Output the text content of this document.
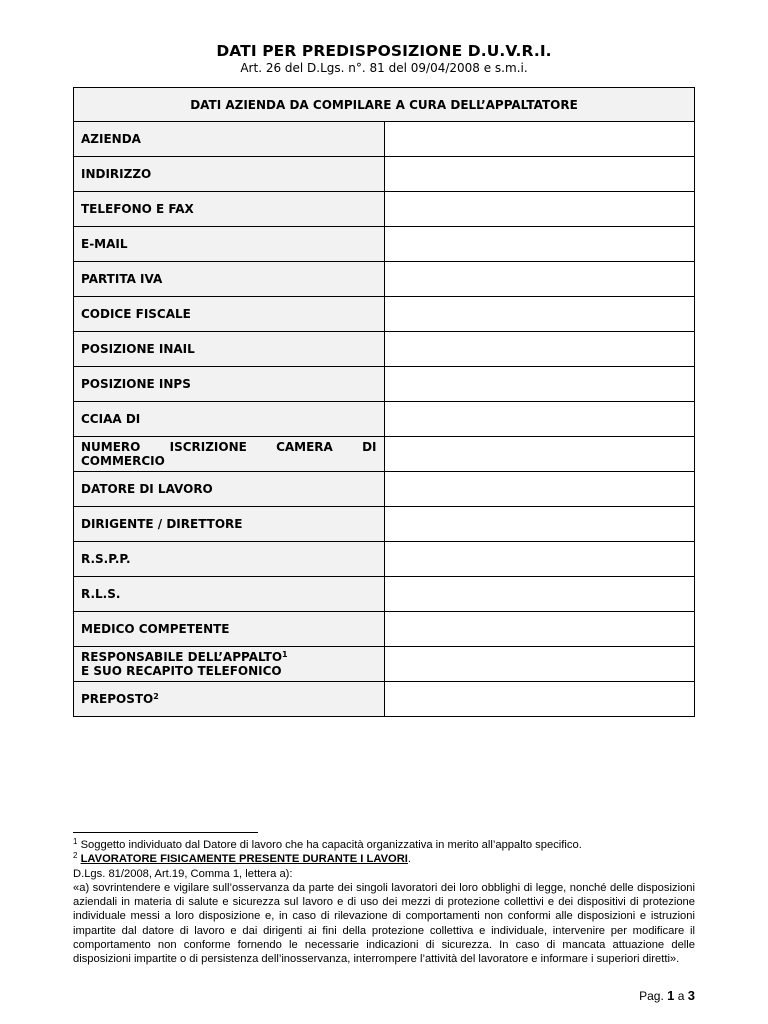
DATI PER PREDISPOSIZIONE D.U.V.R.I.
Art. 26 del D.Lgs. n°. 81 del 09/04/2008 e s.m.i.
DATI AZIENDA DA COMPILARE A CURA DELL’APPALTATORE	
AZIENDA	
INDIRIZZO	
TELEFONO E FAX	
E-MAIL	
PARTITA IVA	
CODICE FISCALE	
POSIZIONE INAIL	
POSIZIONE INPS	
CCIAA DI	
NUMERO ISCRIZIONE CAMERA DI COMMERCIO	
DATORE DI LAVORO	
DIRIGENTE / DIRETTORE	
R.S.P.P.	
R.L.S.	
MEDICO COMPETENTE	
RESPONSABILE DELL’APPALTO$^1$
E SUO RECAPITO TELEFONICO	
PREPOSTO$^2$	

$^1$ Soggetto individuato dal Datore di lavoro che ha capacità organizzativa in merito all’appalto specifico.

$^2$ LAVORATORE FISICAMENTE PRESENTE DURANTE I LAVORI.

D.Lgs. 81/2008, Art.19, Comma 1, lettera a):

«a) sovrintendere e vigilare sull’osservanza da parte dei singoli lavoratori dei loro obblighi di legge, nonché delle disposizioni aziendali in materia di salute e sicurezza sul lavoro e di uso dei mezzi di protezione collettivi e dei dispositivi di protezione individuale messi a loro disposizione e, in caso di rilevazione di comportamenti non conformi alle disposizioni e istruzioni impartite dal datore di lavoro e dai dirigenti ai fini della protezione collettiva e individuale, intervenire per modificare il comportamento non conforme fornendo le necessarie indicazioni di sicurezza. In caso di mancata attuazione delle disposizioni impartite o di persistenza dell’inosservanza, interrompere l’attività del lavoratore e informare i superiori diretti».

Pag. 1 a 3
